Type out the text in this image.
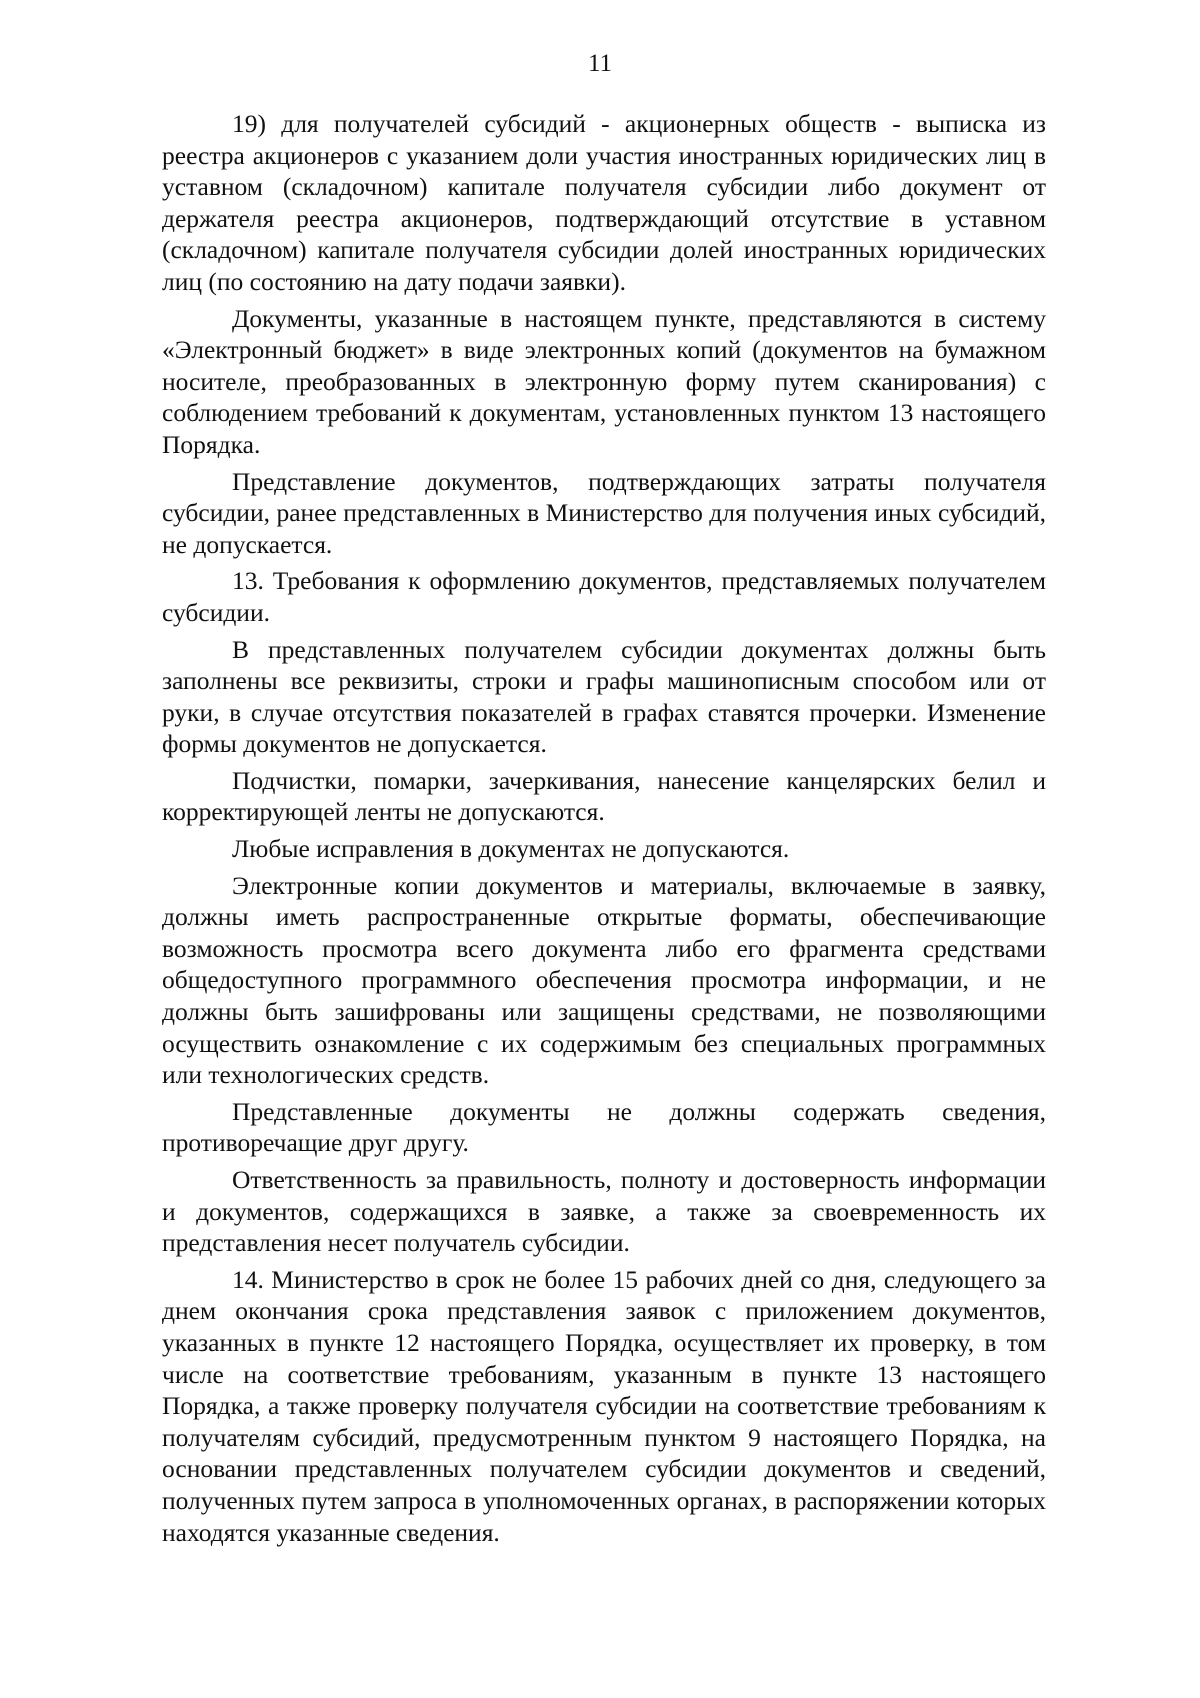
11

19) для получателей субсидий - акционерных обществ - выписка из реестра акционеров с указанием доли участия иностранных юридических лиц в уставном (складочном) капитале получателя субсидии либо документ от держателя реестра акционеров, подтверждающий отсутствие в уставном (складочном) капитале получателя субсидии долей иностранных юридических лиц (по состоянию на дату подачи заявки).

Документы, указанные в настоящем пункте, представляются в систему «Электронный бюджет» в виде электронных копий (документов на бумажном носителе, преобразованных в электронную форму путем сканирования) с соблюдением требований к документам, установленных пунктом 13 настоящего Порядка.

Представление документов, подтверждающих затраты получателя субсидии, ранее представленных в Министерство для получения иных субсидий, не допускается.

13. Требования к оформлению документов, представляемых получателем субсидии.

В представленных получателем субсидии документах должны быть заполнены все реквизиты, строки и графы машинописным способом или от руки, в случае отсутствия показателей в графах ставятся прочерки. Изменение формы документов не допускается.

Подчистки, помарки, зачеркивания, нанесение канцелярских белил и корректирующей ленты не допускаются.

Любые исправления в документах не допускаются.

Электронные копии документов и материалы, включаемые в заявку, должны иметь распространенные открытые форматы, обеспечивающие возможность просмотра всего документа либо его фрагмента средствами общедоступного программного обеспечения просмотра информации, и не должны быть зашифрованы или защищены средствами, не позволяющими осуществить ознакомление с их содержимым без специальных программных или технологических средств.

Представленные документы не должны содержать сведения, противоречащие друг другу.

Ответственность за правильность, полноту и достоверность информации и документов, содержащихся в заявке, а также за своевременность их представления несет получатель субсидии.

14. Министерство в срок не более 15 рабочих дней со дня, следующего за днем окончания срока представления заявок с приложением документов, указанных в пункте 12 настоящего Порядка, осуществляет их проверку, в том числе на соответствие требованиям, указанным в пункте 13 настоящего Порядка, а также проверку получателя субсидии на соответствие требованиям к получателям субсидий, предусмотренным пунктом 9 настоящего Порядка, на основании представленных получателем субсидии документов и сведений, полученных путем запроса в уполномоченных органах, в распоряжении которых находятся указанные сведения.
